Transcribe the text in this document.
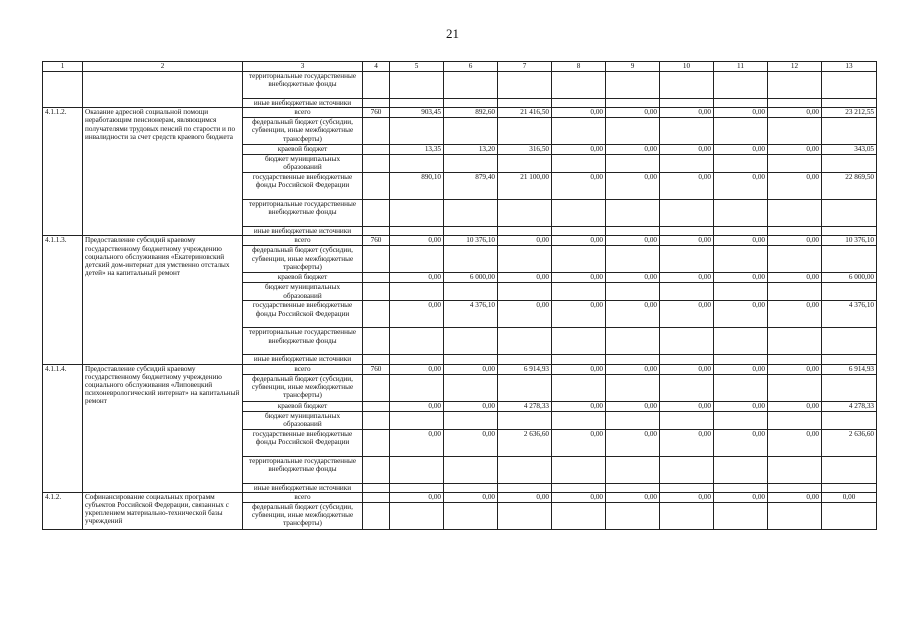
21
1	2	3	4	5	6	7	8	9	10	11	12	13
		территориальные государственные внебюджетные фонды										
		иные внебюджетные источники										
4.1.1.2.	Оказание адресной социальной помощи неработающим пенсионерам, являющимся получателями трудовых пенсий по старости и по инвалидности за счет средств краевого бюджета	всего	760	903,45	892,60	21 416,50	0,00	0,00	0,00	0,00	0,00	23 212,55
		федеральный бюджет (субсидии, субвенции, иные межбюджетные трансферты)										
		краевой бюджет		13,35	13,20	316,50	0,00	0,00	0,00	0,00	0,00	343,05
		бюджет муниципальных образований										
		государственные внебюджетные фонды Российской Федерации		890,10	879,40	21 100,00	0,00	0,00	0,00	0,00	0,00	22 869,50
		территориальные государственные внебюджетные фонды										
		иные внебюджетные источники										
4.1.1.3.	Предоставление субсидий краевому государственному бюджетному учреждению социального обслуживания «Екатериновский детский дом-интернат для умственно отсталых детей» на капитальный ремонт	всего	760	0,00	10 376,10	0,00	0,00	0,00	0,00	0,00	0,00	10 376,10
		федеральный бюджет (субсидии, субвенции, иные межбюджетные трансферты)										
		краевой бюджет		0,00	6 000,00	0,00	0,00	0,00	0,00	0,00	0,00	6 000,00
		бюджет муниципальных образований										
		государственные внебюджетные фонды Российской Федерации		0,00	4 376,10	0,00	0,00	0,00	0,00	0,00	0,00	4 376,10
		территориальные государственные внебюджетные фонды										
		иные внебюджетные источники										
4.1.1.4.	Предоставление субсидий краевому государственному бюджетному учреждению социального обслуживания «Липовецкий психоневрологический интернат» на капитальный ремонт	всего	760	0,00	0,00	6 914,93	0,00	0,00	0,00	0,00	0,00	6 914,93
		федеральный бюджет (субсидии, субвенции, иные межбюджетные трансферты)										
		краевой бюджет		0,00	0,00	4 278,33	0,00	0,00	0,00	0,00	0,00	4 278,33
		бюджет муниципальных образований										
		государственные внебюджетные фонды Российской Федерации		0,00	0,00	2 636,60	0,00	0,00	0,00	0,00	0,00	2 636,60
		территориальные государственные внебюджетные фонды										
		иные внебюджетные источники										
4.1.2.	Софинансирование социальных программ субъектов Российской Федерации, связанных с укреплением материально-технической базы учреждений	всего		0,00	0,00	0,00	0,00	0,00	0,00	0,00	0,00	0,00
		федеральный бюджет (субсидии, субвенции, иные межбюджетные трансферты)										
